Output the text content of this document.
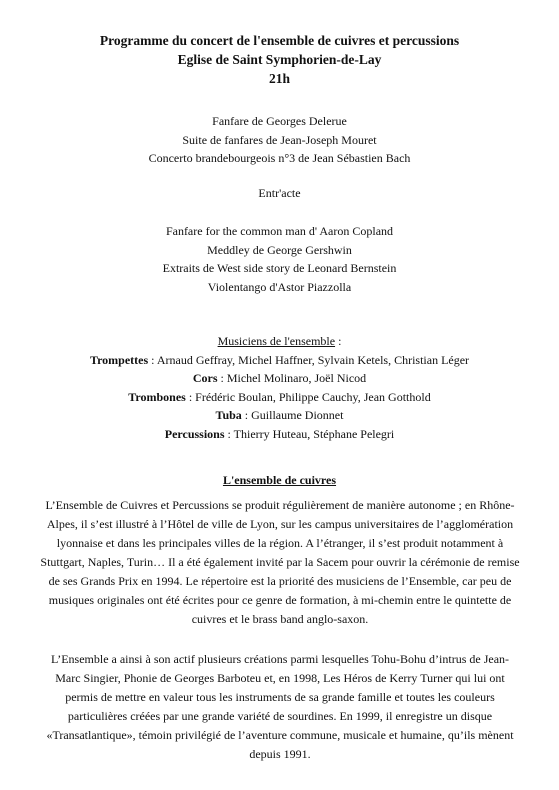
Programme du concert de l'ensemble de cuivres et percussions
Eglise de Saint Symphorien-de-Lay
21h
Fanfare de Georges Delerue
Suite de fanfares de Jean-Joseph Mouret
Concerto brandebourgeois n°3 de Jean Sébastien Bach
Entr'acte
Fanfare for the common man d' Aaron Copland
Meddley de George Gershwin
Extraits de West side story de Leonard Bernstein
Violentango d'Astor Piazzolla
Musiciens de l'ensemble :
Trompettes : Arnaud Geffray, Michel Haffner, Sylvain Ketels, Christian Léger
Cors : Michel Molinaro, Joël Nicod
Trombones : Frédéric Boulan, Philippe Cauchy, Jean Gotthold
Tuba : Guillaume Dionnet
Percussions : Thierry Huteau, Stéphane Pelegri
L'ensemble de cuivres
L’Ensemble de Cuivres et Percussions se produit régulièrement de manière autonome ; en Rhône-
Alpes, il s’est illustré à l’Hôtel de ville de Lyon, sur les campus universitaires de l’agglomération
lyonnaise et dans les principales villes de la région. A l’étranger, il s’est produit notamment à
Stuttgart, Naples, Turin… Il a été également invité par la Sacem pour ouvrir la cérémonie de remise
de ses Grands Prix en 1994. Le répertoire est la priorité des musiciens de l’Ensemble, car peu de
musiques originales ont été écrites pour ce genre de formation, à mi-chemin entre le quintette de
cuivres et le brass band anglo-saxon.
L’Ensemble a ainsi à son actif plusieurs créations parmi lesquelles Tohu-Bohu d’intrus de Jean-
Marc Singier, Phonie de Georges Barboteu et, en 1998, Les Héros de Kerry Turner qui lui ont
permis de mettre en valeur tous les instruments de sa grande famille et toutes les couleurs
particulières créées par une grande variété de sourdines. En 1999, il enregistre un disque
«Transatlantique», témoin privilégié de l’aventure commune, musicale et humaine, qu’ils mènent
depuis 1991.
